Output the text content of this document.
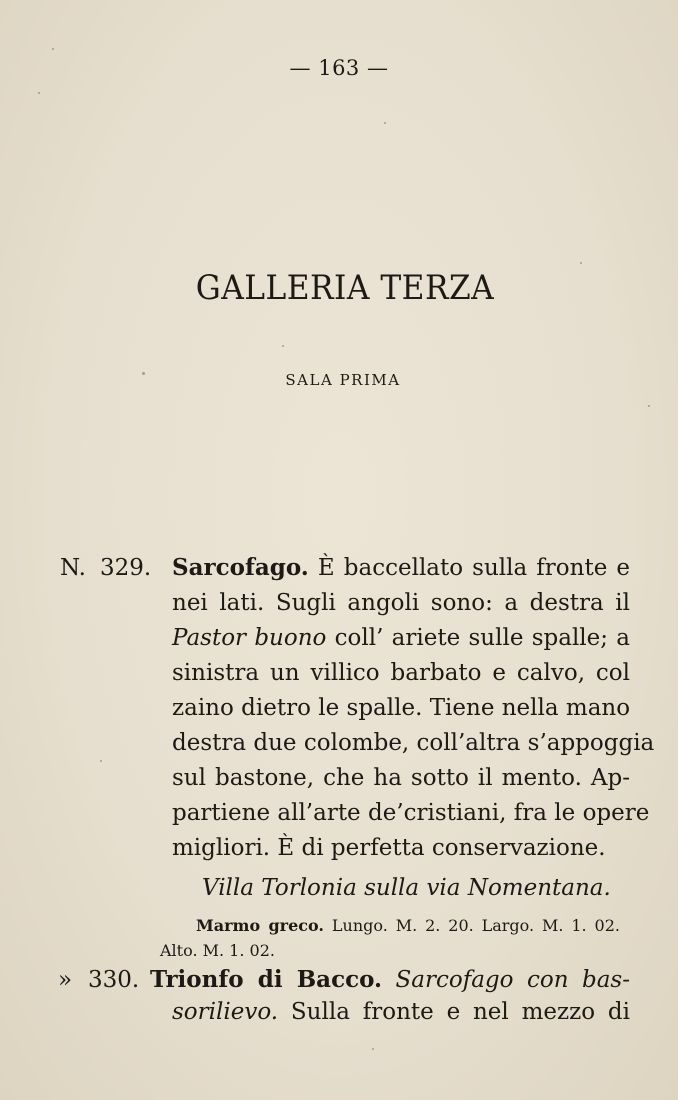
— 163 —
GALLERIA TERZA
SALA PRIMA
N. 329. Sarcofago. È baccellato sulla fronte e
nei lati. Sugli angoli sono: a destra il
Pastor buono coll’ ariete sulle spalle; a
sinistra un villico barbato e calvo, col
zaino dietro le spalle. Tiene nella mano
destra due colombe, coll’altra s’appoggia
sul bastone, che ha sotto il mento. Ap-
partiene all’arte de’cristiani, fra le opere
migliori. È di perfetta conservazione.
Villa Torlonia sulla via Nomentana.
Marmo greco. Lungo. M. 2. 20. Largo. M. 1. 02.
Alto. M. 1. 02.
» 330. Trionfo di Bacco. Sarcofago con bas-
sorilievo. Sulla fronte e nel mezzo di
